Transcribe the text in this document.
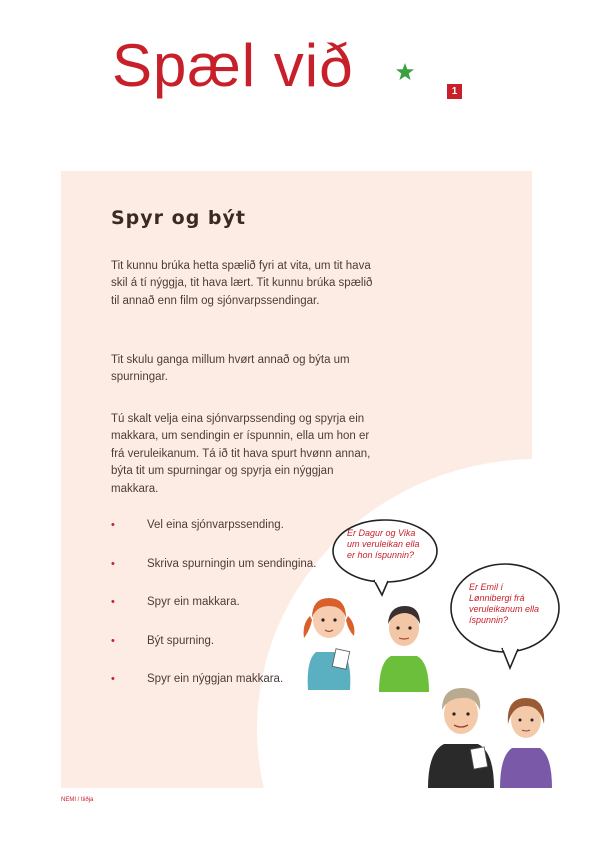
Spæl við	1
Spyr og být

Tit kunnu brúka hetta spælið fyri at vita, um tit hava skil á tí nýggja, tit hava lært. Tit kunnu brúka spælið til annað enn film og sjónvarpssendingar.

Tit skulu ganga millum hvørt annað og býta um spurningar.

Tú skalt velja eina sjónvarpssending og spyrja ein makkara, um sendingin er íspunnin, ella um hon er frá veruleikanum. Tá ið tit hava spurt hvønn annan, býta tit um spurningar og spyrja ein nýggjan makkara.

•	Vel eina sjónvarpssending.
•	Skriva spurningin um sendingina.
•	Spyr ein makkara.
•	Být spurning.
•	Spyr ein nýggjan makkara.
Er Dagur og Vika
um veruleikan ella
er hon íspunnin?
Er Emil í
Lønnibergi frá
veruleikanum ella
íspunnin?
NEMI / tiiðja
